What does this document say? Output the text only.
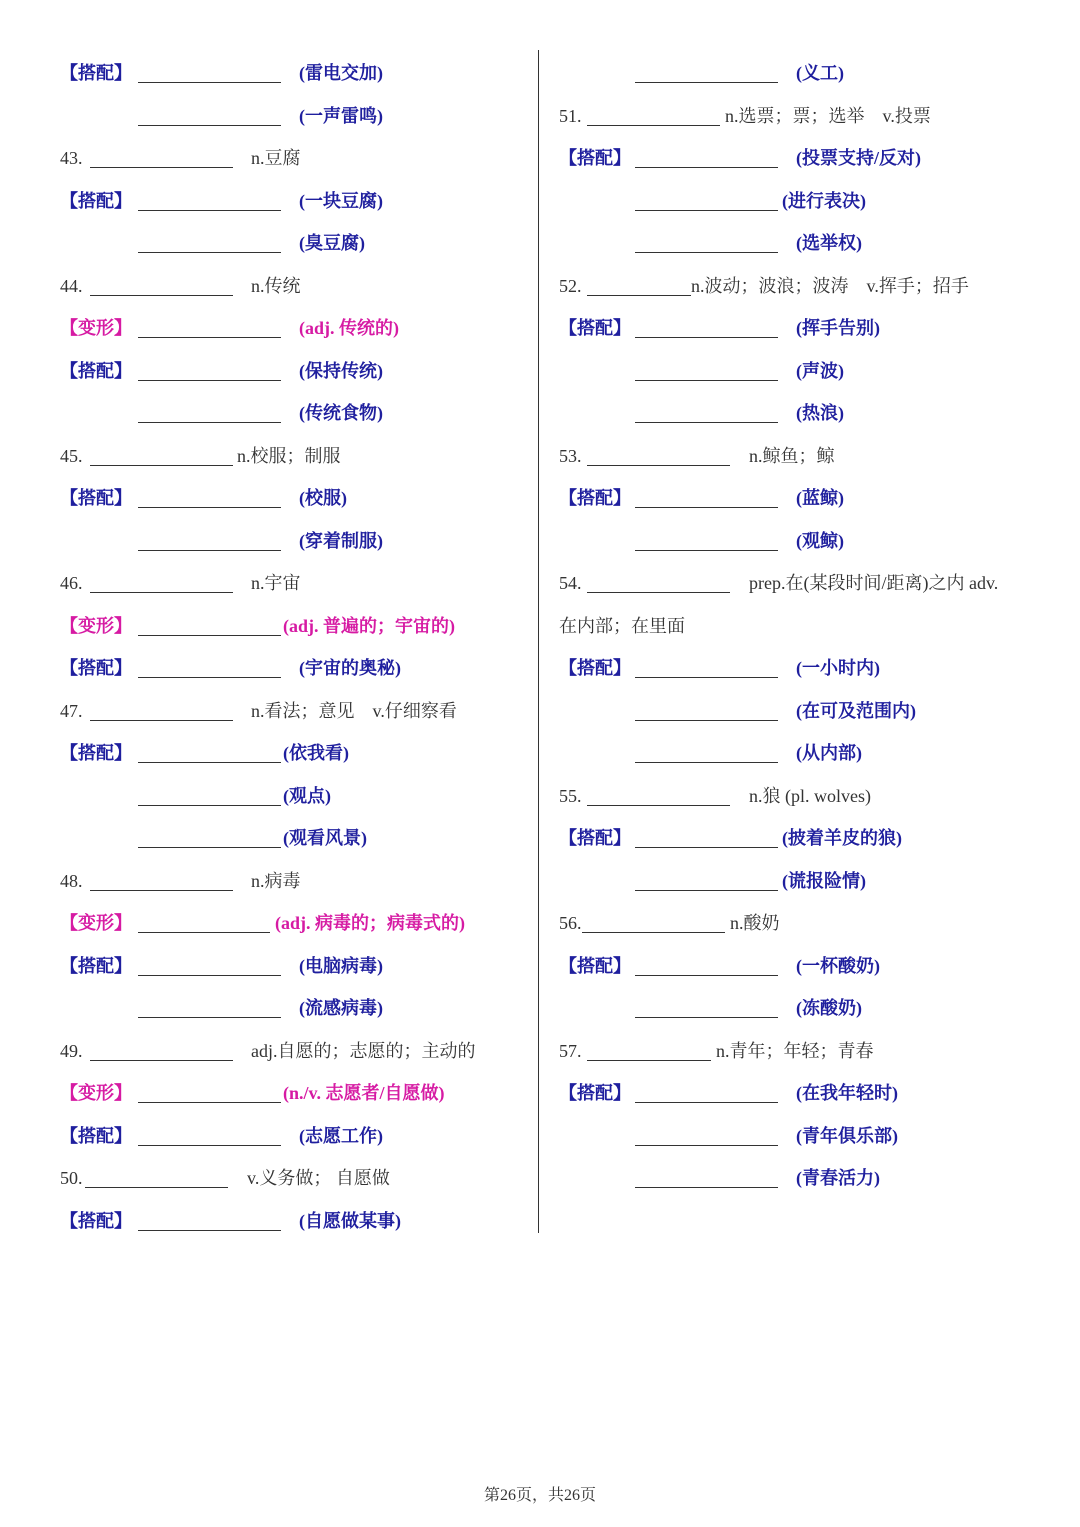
【搭配】	(雷电交加)
(一声雷鸣)
43.	n.豆腐
【搭配】	(一块豆腐)
(臭豆腐)
44.	n.传统
【变形】	(adj. 传统的)
【搭配】	(保持传统)
(传统食物)
45.	n.校服；制服
【搭配】	(校服)
(穿着制服)
46.	n.宇宙
【变形】	(adj. 普遍的；宇宙的)
【搭配】	(宇宙的奥秘)
47.	n.看法；意见　v.仔细察看
【搭配】	(依我看)
(观点)
(观看风景)
48.	n.病毒
【变形】	(adj. 病毒的；病毒式的)
【搭配】	(电脑病毒)
(流感病毒)
49.	adj.自愿的；志愿的；主动的
【变形】	(n./v. 志愿者/自愿做)
【搭配】	(志愿工作)
50.	v.义务做； 自愿做
【搭配】	(自愿做某事)
(义工)
51.	n.选票；票；选举　v.投票
【搭配】	(投票支持/反对)
(进行表决)
(选举权)
52.	n.波动；波浪；波涛　v.挥手；招手
【搭配】	(挥手告别)
(声波)
(热浪)
53.	n.鲸鱼；鲸
【搭配】	(蓝鲸)
(观鲸)
54.	prep.在(某段时间/距离)之内 adv.
在内部；在里面
【搭配】	(一小时内)
(在可及范围内)
(从内部)
55.	n.狼 (pl. wolves)
【搭配】	(披着羊皮的狼)
(谎报险情)
56.	n.酸奶
【搭配】	(一杯酸奶)
(冻酸奶)
57.	n.青年；年轻；青春
【搭配】	(在我年轻时)
(青年俱乐部)
(青春活力)
第26页，共26页
